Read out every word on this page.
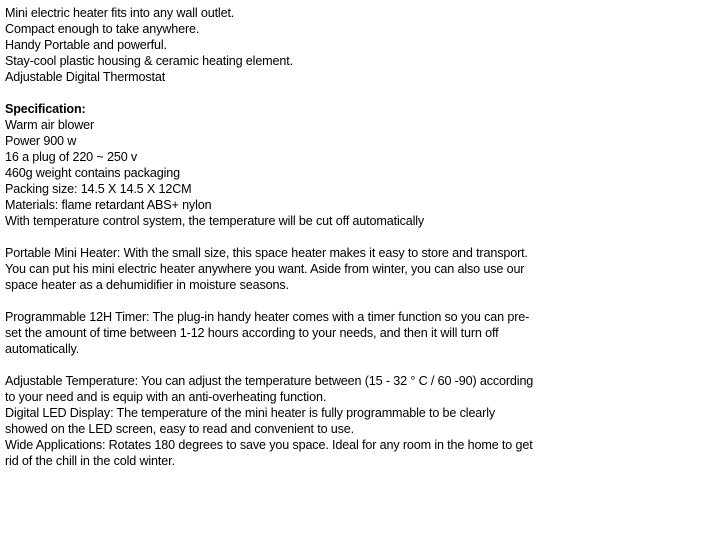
Mini electric heater fits into any wall outlet.
Compact enough to take anywhere.
Handy Portable and powerful.
Stay-cool plastic housing & ceramic heating element.
Adjustable Digital Thermostat
Specification:
Warm air blower
Power 900 w
16 a plug of 220 ~ 250 v
460g weight contains packaging
Packing size: 14.5 X 14.5 X 12CM
Materials: flame retardant ABS+ nylon
With temperature control system, the temperature will be cut off automatically
Portable Mini Heater: With the small size, this space heater makes it easy to store and transport.
You can put his mini electric heater anywhere you want. Aside from winter, you can also use our
space heater as a dehumidifier in moisture seasons.
Programmable 12H Timer: The plug-in handy heater comes with a timer function so you can pre-
set the amount of time between 1-12 hours according to your needs, and then it will turn off
automatically.
Adjustable Temperature: You can adjust the temperature between (15 - 32 ° C / 60 -90) according
to your need and is equip with an anti-overheating function.
Digital LED Display: The temperature of the mini heater is fully programmable to be clearly
showed on the LED screen, easy to read and convenient to use.
Wide Applications: Rotates 180 degrees to save you space. Ideal for any room in the home to get
rid of the chill in the cold winter.
